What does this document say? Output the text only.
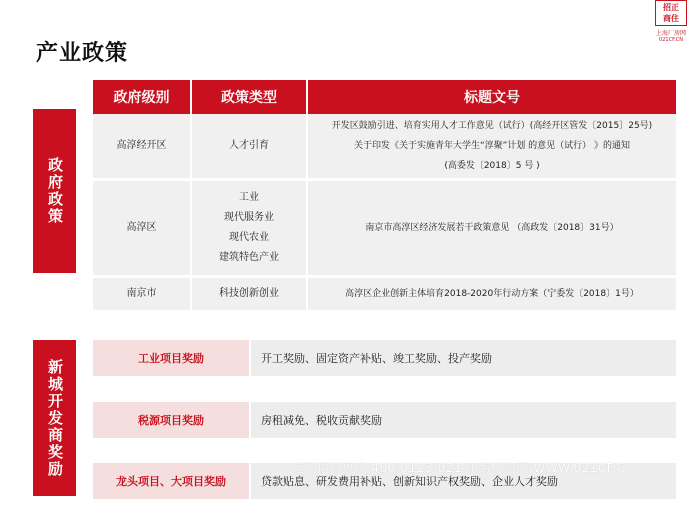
产业政策
招正
商住
上海厂房网
021CF.CN
政府政策
政府级别	政策类型	标题文号
高淳经开区	人才引育	开发区鼓励引进、培育实用人才工作意见（试行）(高经开区管发〔2015〕25号)
关于印发《关于实施青年大学生“淳聚”计划 的意见（试行） 》的通知
(高委发〔2018〕5 号 )

高淳区	工业
现代服务业
现代农业
建筑特色产业	南京市高淳区经济发展若干政策意见 （高政发〔2018〕31号）

南京市	科技创新创业	高淳区企业创新主体培育2018-2020年行动方案（宁委发〔2018〕1号）
新城开发商奖励	工业项目奖励	开工奖励、固定资产补贴、竣工奖励、投产奖励
税源项目奖励	房租减免、税收贡献奖励
龙头项目、大项目奖励	贷款贴息、研发费用补贴、创新知识产权奖励、企业人才奖励
免佣招商热线 400-0123-021 上海厂房网 WWW.021CF.C
